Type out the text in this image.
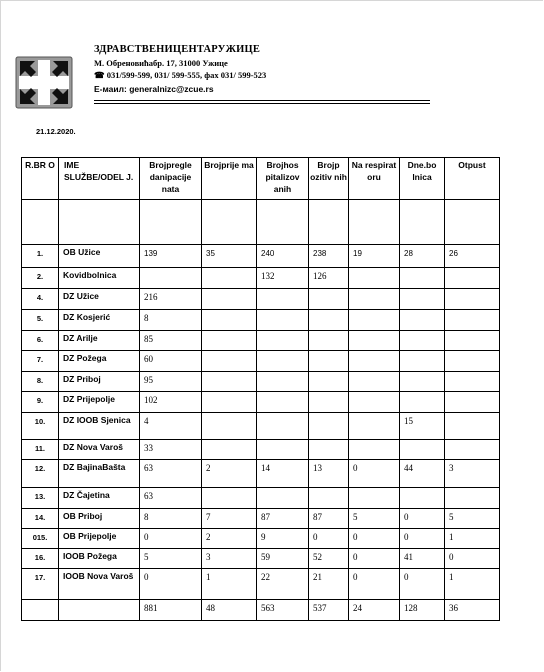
ЗДРАВСТВЕНИЦЕНТАРУЖИЦЕ
М. Обреновићабр. 17, 31000 Ужице
☎ 031/599-599, 031/ 599-555, фах 031/ 599-523
Е-маил: generalnizc@zcue.rs
21.12.2020.
R.BR O	IME SLUŽBE/ODEL J.	Brojpregle danipacije nata	Brojprije ma	Brojhos pitalizov anih	Brojp ozitiv nih	Na respirat oru	Dne.bo lnica	Otpust

1.	OB Užice	139	35	240	238	19	28	26
2.	Kovidbolnica			132	126			
4.	DZ Užice	216						
5.	DZ Kosjerić	8						
6.	DZ Arilje	85						
7.	DZ Požega	60						
8.	DZ Priboj	95						
9.	DZ Prijepolje	102						
10.	DZ IOOB Sjenica	4					15	
11.	DZ Nova Varoš	33						
12.	DZ BajinaBašta	63	2	14	13	0	44	3
13.	DZ Čajetina	63						
14.	OB Priboj	8	7	87	87	5	0	5
015.	OB Prijepolje	0	2	9	0	0	0	1
16.	IOOB Požega	5	3	59	52	0	41	0
17.	IOOB Nova Varoš	0	1	22	21	0	0	1
		881	48	563	537	24	128	36
